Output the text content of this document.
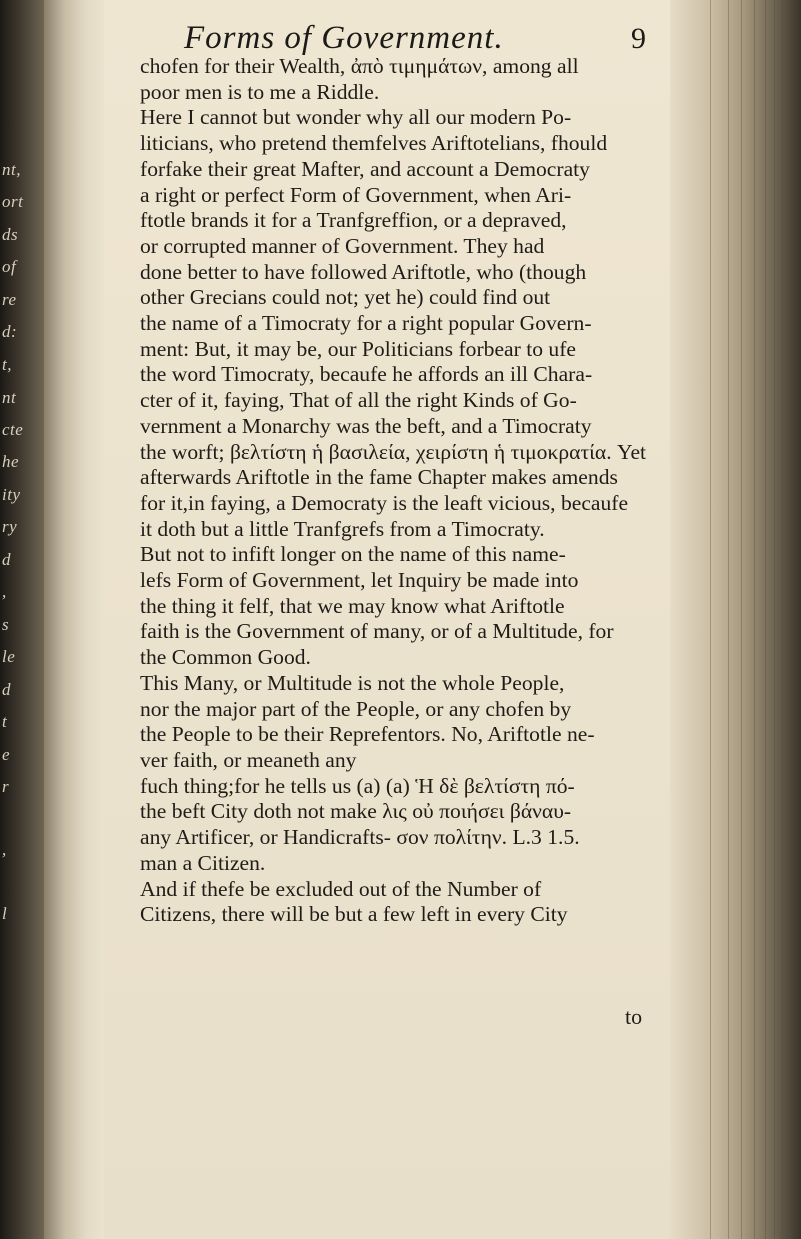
nt,
ort
ds
of
re
d:
t,
nt
cte
he
ity
ry
d
,
s
le
d
t
e
r
,
l
Forms of Government.	9
chofen for their Wealth, ἀπὸ τιμημάτων, among all
poor men is to me a Riddle.
Here I cannot but wonder why all our modern Po-
liticians, who pretend themfelves Ariftotelians, fhould
forfake their great Mafter, and account a Democraty
a right or perfect Form of Government, when Ari-
ftotle brands it for a Tranfgreffion, or a depraved,
or corrupted manner of Government. They had
done better to have followed Ariftotle, who (though
other Grecians could not; yet he) could find out
the name of a Timocraty for a right popular Govern-
ment: But, it may be, our Politicians forbear to ufe
the word Timocraty, becaufe he affords an ill Chara-
cter of it, faying, That of all the right Kinds of Go-
vernment a Monarchy was the beft, and a Timocraty
the worft; βελτίστη ἡ βασιλεία, χειρίστη ἡ τιμοκρατία. Yet
afterwards Ariftotle in the fame Chapter makes amends
for it,in faying, a Democraty is the leaft vicious, becaufe
it doth but a little Tranfgrefs from a Timocraty.
But not to infift longer on the name of this name-
lefs Form of Government, let Inquiry be made into
the thing it felf, that we may know what Ariftotle
faith is the Government of many, or of a Multitude, for
the Common Good.
This Many, or Multitude is not the whole People,
nor the major part of the People, or any chofen by
the People to be their Reprefentors. No, Ariftotle ne-
ver faith, or meaneth any
fuch thing;for he tells us (a) (a) Ἡ δὲ βελτίστη πό-
the beft City doth not make λις οὐ ποιήσει βάναυ-
any Artificer, or Handicrafts- σον πολίτην. L.3 1.5.
man a Citizen.
And if thefe be excluded out of the Number of
Citizens, there will be but a few left in every City
to
